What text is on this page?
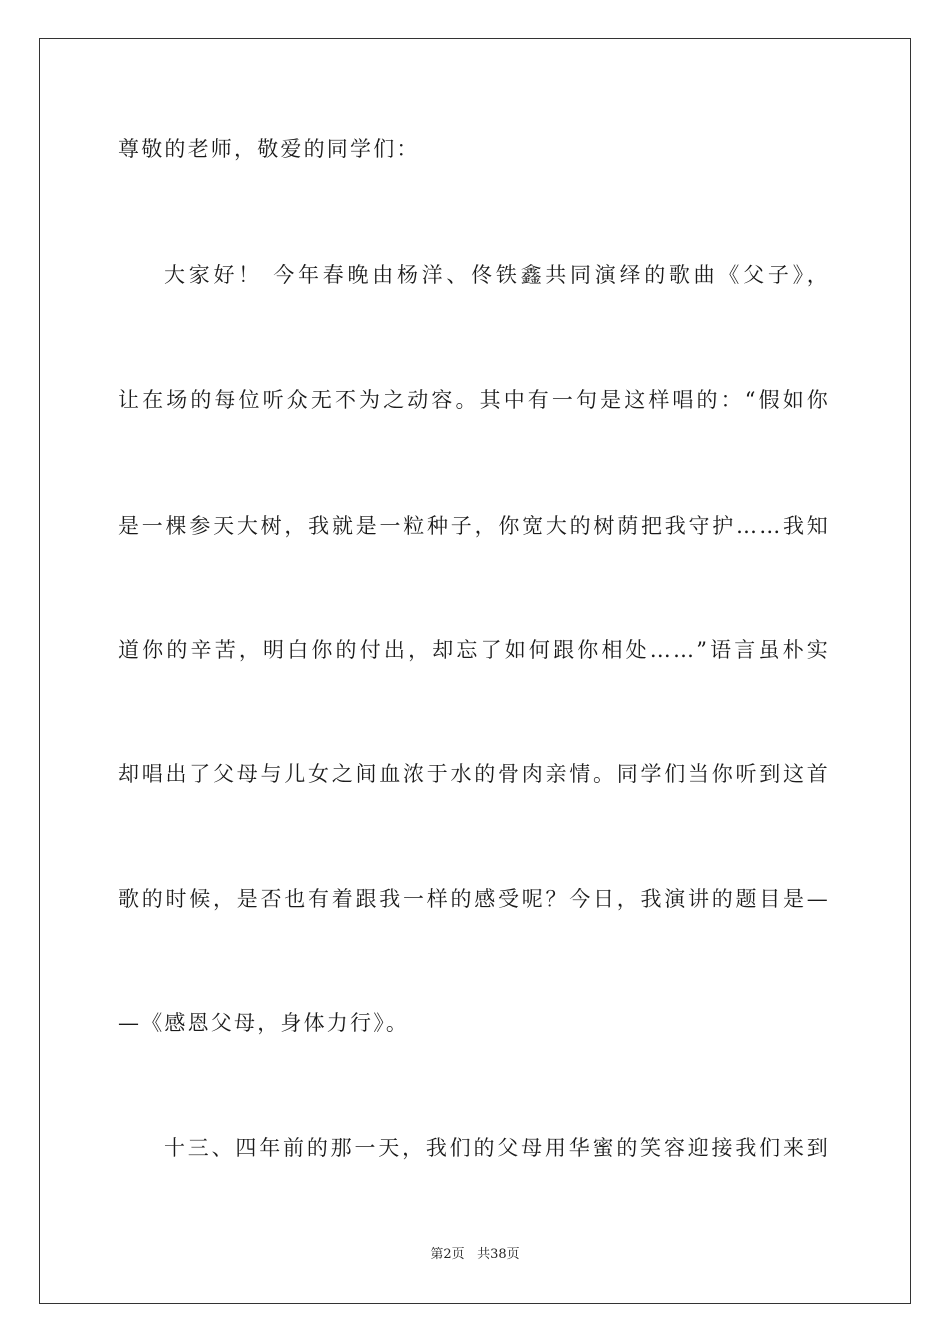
尊敬的老师，敬爱的同学们：
大家好！ 今年春晚由杨洋、佟铁鑫共同演绎的歌曲《父子》，
让在场的每位听众无不为之动容。其中有一句是这样唱的：“假如你
是一棵参天大树，我就是一粒种子，你宽大的树荫把我守护……我知
道你的辛苦，明白你的付出，却忘了如何跟你相处……”语言虽朴实
却唱出了父母与儿女之间血浓于水的骨肉亲情。同学们当你听到这首
歌的时候，是否也有着跟我一样的感受呢？今日，我演讲的题目是—
—《感恩父母，身体力行》。
十三、四年前的那一天，我们的父母用华蜜的笑容迎接我们来到
第2页 共38页
